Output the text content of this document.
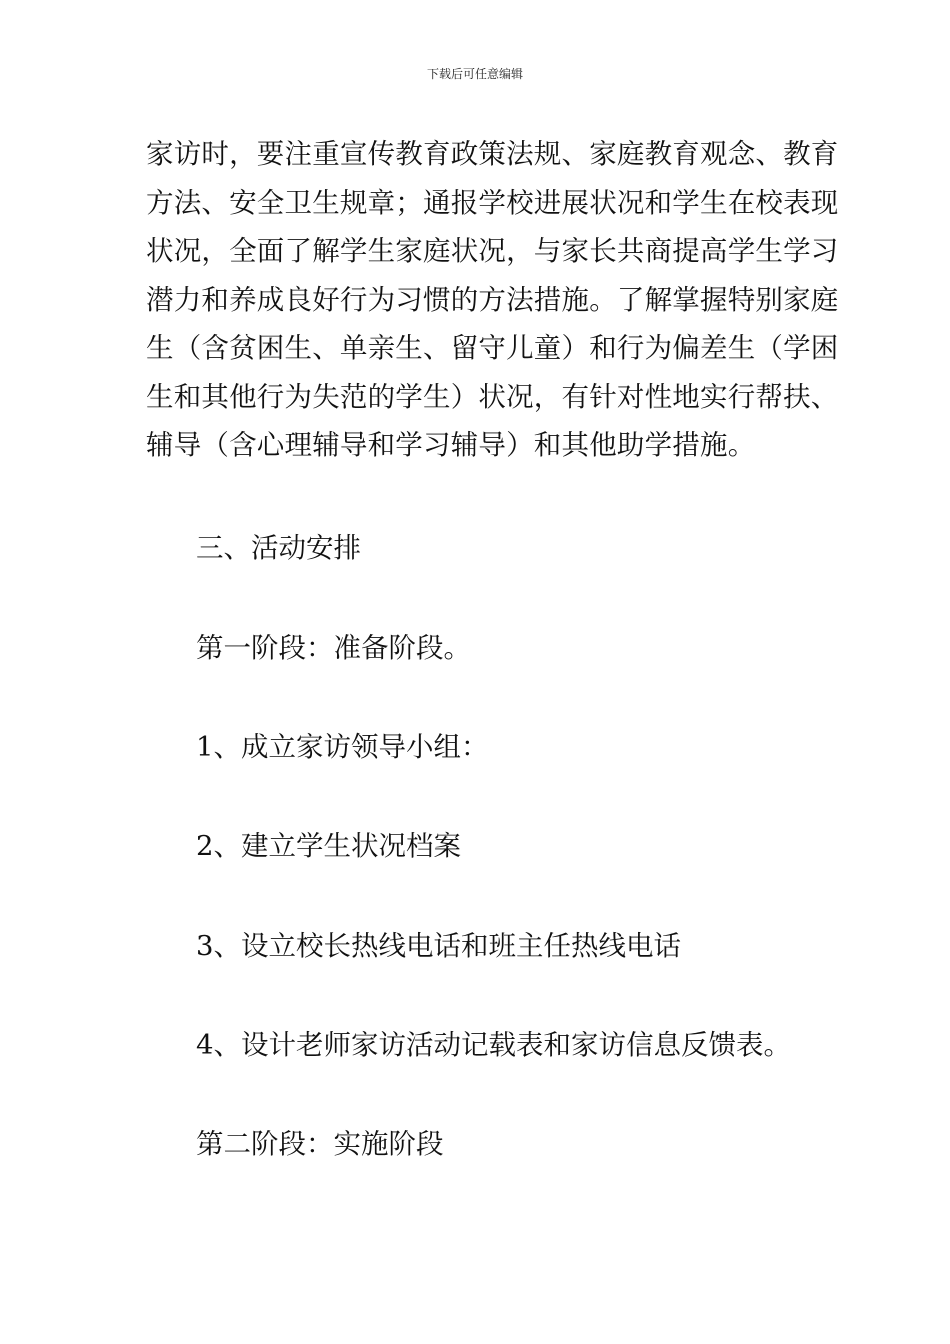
下载后可任意编辑
家访时，要注重宣传教育政策法规、家庭教育观念、教育
方法、安全卫生规章；通报学校进展状况和学生在校表现
状况，全面了解学生家庭状况，与家长共商提高学生学习
潜力和养成良好行为习惯的方法措施。了解掌握特别家庭
生（含贫困生、单亲生、留守儿童）和行为偏差生（学困
生和其他行为失范的学生）状况，有针对性地实行帮扶、
辅导（含心理辅导和学习辅导）和其他助学措施。

三、活动安排

第一阶段：准备阶段。

1、成立家访领导小组：

2、建立学生状况档案

3、设立校长热线电话和班主任热线电话

4、设计老师家访活动记载表和家访信息反馈表。

第二阶段：实施阶段
